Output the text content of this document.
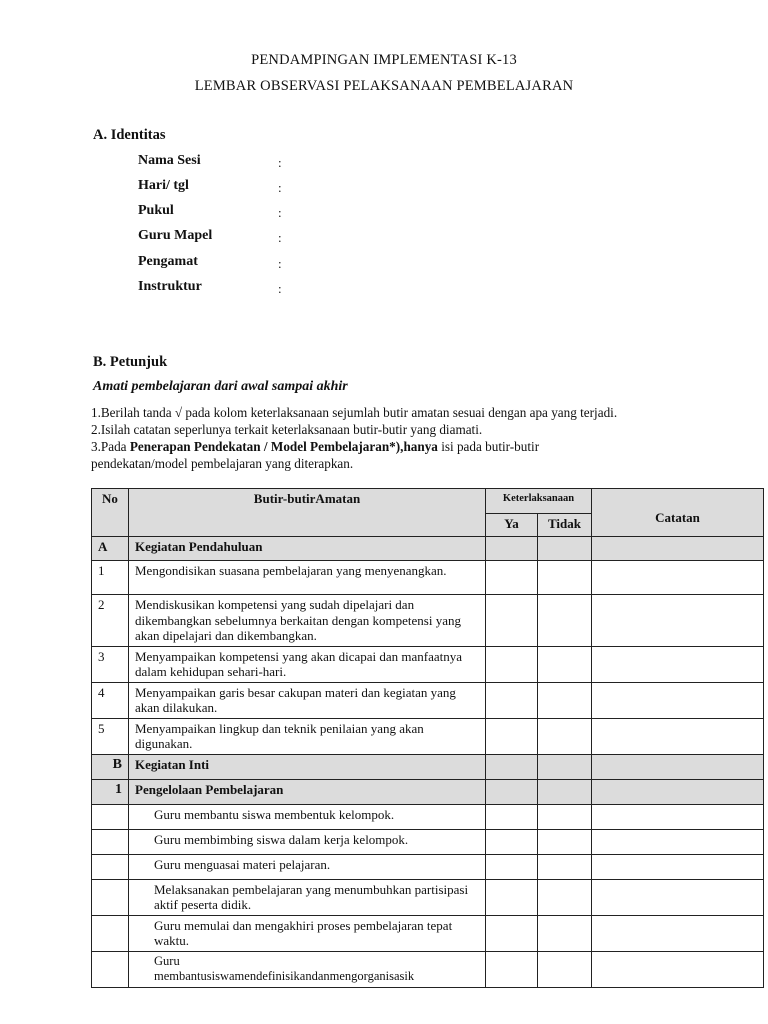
PENDAMPINGAN IMPLEMENTASI K-13
LEMBAR OBSERVASI PELAKSANAAN PEMBELAJARAN
A. Identitas
Nama Sesi	:
Hari/ tgl	:
Pukul	:
Guru Mapel	:
Pengamat	:
Instruktur	:
B. Petunjuk
Amati pembelajaran dari awal sampai akhir
1.Berilah tanda √ pada kolom keterlaksanaan sejumlah butir amatan sesuai dengan apa yang terjadi.
2.Isilah catatan seperlunya terkait keterlaksanaan butir-butir yang diamati.
3.Pada Penerapan Pendekatan / Model Pembelajaran*),hanya isi pada butir-butir
pendekatan/model pembelajaran yang diterapkan.
No	Butir-butirAmatan	Keterlaksanaan		Catatan
		Ya	Tidak	
A	Kegiatan Pendahuluan			
1	Mengondisikan suasana pembelajaran yang menyenangkan.			
2	Mendiskusikan kompetensi yang sudah dipelajari dan dikembangkan sebelumnya berkaitan dengan kompetensi yang akan dipelajari dan dikembangkan.			
3	Menyampaikan kompetensi yang akan dicapai dan manfaatnya dalam kehidupan sehari-hari.			
4	Menyampaikan garis besar cakupan materi dan kegiatan yang akan dilakukan.			
5	Menyampaikan lingkup dan teknik penilaian yang akan digunakan.			
B	Kegiatan Inti			
1	Pengelolaan Pembelajaran			
	Guru membantu siswa membentuk kelompok.			
	Guru membimbing siswa dalam kerja kelompok.			
	Guru menguasai materi pelajaran.			
	Melaksanakan pembelajaran yang menumbuhkan partisipasi aktif peserta didik.			
	Guru memulai dan mengakhiri proses pembelajaran tepat waktu.			

	Guru
membantusiswamendefinisikandanmengorganisasik			
